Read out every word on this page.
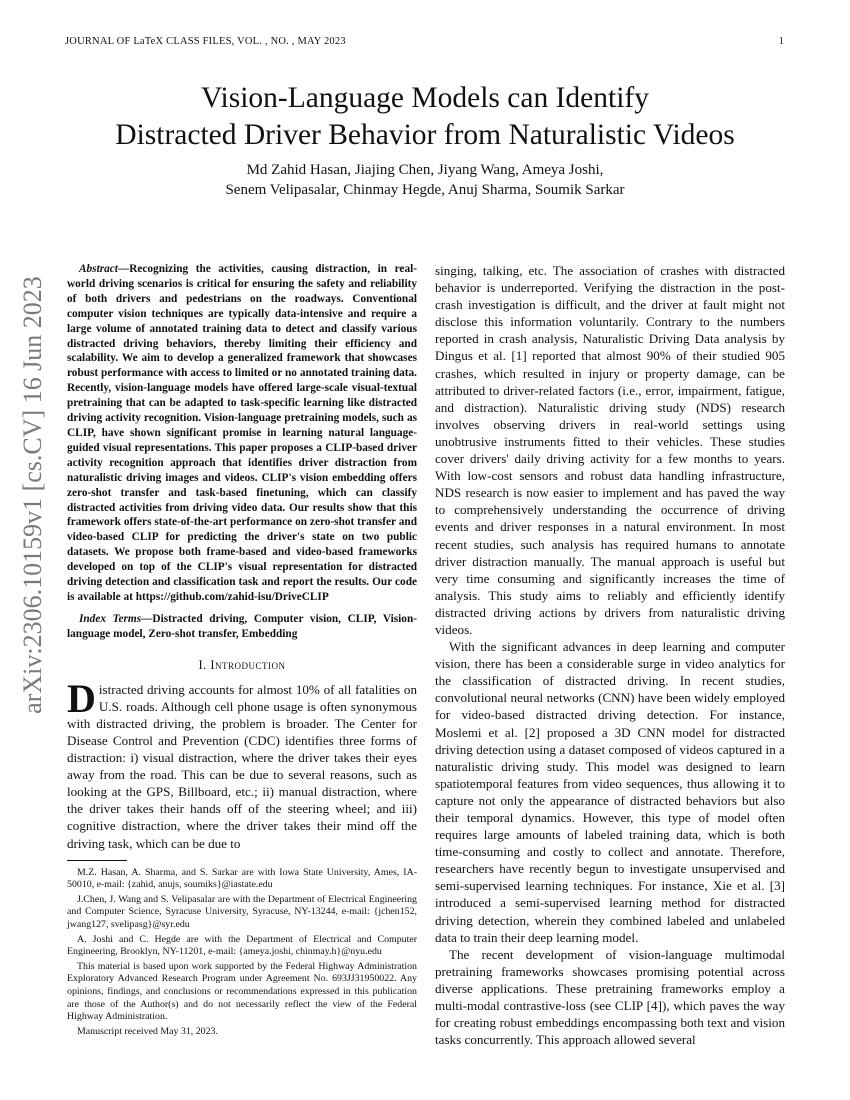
JOURNAL OF LaTeX CLASS FILES, VOL. , NO. , MAY 2023	1
arXiv:2306.10159v1 [cs.CV] 16 Jun 2023
Vision-Language Models can Identify
Distracted Driver Behavior from Naturalistic Videos
Md Zahid Hasan, Jiajing Chen, Jiyang Wang, Ameya Joshi,
Senem Velipasalar, Chinmay Hegde, Anuj Sharma, Soumik Sarkar

Abstract—Recognizing the activities, causing distraction, in real-world driving scenarios is critical for ensuring the safety and reliability of both drivers and pedestrians on the roadways. Conventional computer vision techniques are typically data-intensive and require a large volume of annotated training data to detect and classify various distracted driving behaviors, thereby limiting their efficiency and scalability. We aim to develop a generalized framework that showcases robust performance with access to limited or no annotated training data. Recently, vision-language models have offered large-scale visual-textual pretraining that can be adapted to task-specific learning like distracted driving activity recognition. Vision-language pretraining models, such as CLIP, have shown significant promise in learning natural language-guided visual representations. This paper proposes a CLIP-based driver activity recognition approach that identifies driver distraction from naturalistic driving images and videos. CLIP's vision embedding offers zero-shot transfer and task-based finetuning, which can classify distracted activities from driving video data. Our results show that this framework offers state-of-the-art performance on zero-shot transfer and video-based CLIP for predicting the driver's state on two public datasets. We propose both frame-based and video-based frameworks developed on top of the CLIP's visual representation for distracted driving detection and classification task and report the results. Our code is available at https://github.com/zahid-isu/DriveCLIP

Index Terms—Distracted driving, Computer vision, CLIP, Vision-language model, Zero-shot transfer, Embedding

I. Introduction

Distracted driving accounts for almost 10% of all fatalities on U.S. roads. Although cell phone usage is often synonymous with distracted driving, the problem is broader. The Center for Disease Control and Prevention (CDC) identifies three forms of distraction: i) visual distraction, where the driver takes their eyes away from the road. This can be due to several reasons, such as looking at the GPS, Billboard, etc.; ii) manual distraction, where the driver takes their hands off of the steering wheel; and iii) cognitive distraction, where the driver takes their mind off the driving task, which can be due to

M.Z. Hasan, A. Sharma, and S. Sarkar are with Iowa State University, Ames, IA-50010, e-mail: {zahid, anujs, soumiks}@iastate.edu

J.Chen, J. Wang and S. Velipasalar are with the Department of Electrical Engineering and Computer Science, Syracuse University, Syracuse, NY-13244, e-mail: {jchen152, jwang127, svelipasg}@syr.edu

A. Joshi and C. Hegde are with the Department of Electrical and Computer Engineering, Brooklyn, NY-11201, e-mail: {ameya.joshi, chinmay.h}@nyu.edu

This material is based upon work supported by the Federal Highway Administration Exploratory Advanced Research Program under Agreement No. 693JJ31950022. Any opinions, findings, and conclusions or recommendations expressed in this publication are those of the Author(s) and do not necessarily reflect the view of the Federal Highway Administration.

Manuscript received May 31, 2023.

singing, talking, etc. The association of crashes with distracted behavior is underreported. Verifying the distraction in the post-crash investigation is difficult, and the driver at fault might not disclose this information voluntarily. Contrary to the numbers reported in crash analysis, Naturalistic Driving Data analysis by Dingus et al. [1] reported that almost 90% of their studied 905 crashes, which resulted in injury or property damage, can be attributed to driver-related factors (i.e., error, impairment, fatigue, and distraction). Naturalistic driving study (NDS) research involves observing drivers in real-world settings using unobtrusive instruments fitted to their vehicles. These studies cover drivers' daily driving activity for a few months to years. With low-cost sensors and robust data handling infrastructure, NDS research is now easier to implement and has paved the way to comprehensively understanding the occurrence of driving events and driver responses in a natural environment. In most recent studies, such analysis has required humans to annotate driver distraction manually. The manual approach is useful but very time consuming and significantly increases the time of analysis. This study aims to reliably and efficiently identify distracted driving actions by drivers from naturalistic driving videos.

With the significant advances in deep learning and computer vision, there has been a considerable surge in video analytics for the classification of distracted driving. In recent studies, convolutional neural networks (CNN) have been widely employed for video-based distracted driving detection. For instance, Moslemi et al. [2] proposed a 3D CNN model for distracted driving detection using a dataset composed of videos captured in a naturalistic driving study. This model was designed to learn spatiotemporal features from video sequences, thus allowing it to capture not only the appearance of distracted behaviors but also their temporal dynamics. However, this type of model often requires large amounts of labeled training data, which is both time-consuming and costly to collect and annotate. Therefore, researchers have recently begun to investigate unsupervised and semi-supervised learning techniques. For instance, Xie et al. [3] introduced a semi-supervised learning method for distracted driving detection, wherein they combined labeled and unlabeled data to train their deep learning model.

The recent development of vision-language multimodal pretraining frameworks showcases promising potential across diverse applications. These pretraining frameworks employ a multi-modal contrastive-loss (see CLIP [4]), which paves the way for creating robust embeddings encompassing both text and vision tasks concurrently. This approach allowed several
